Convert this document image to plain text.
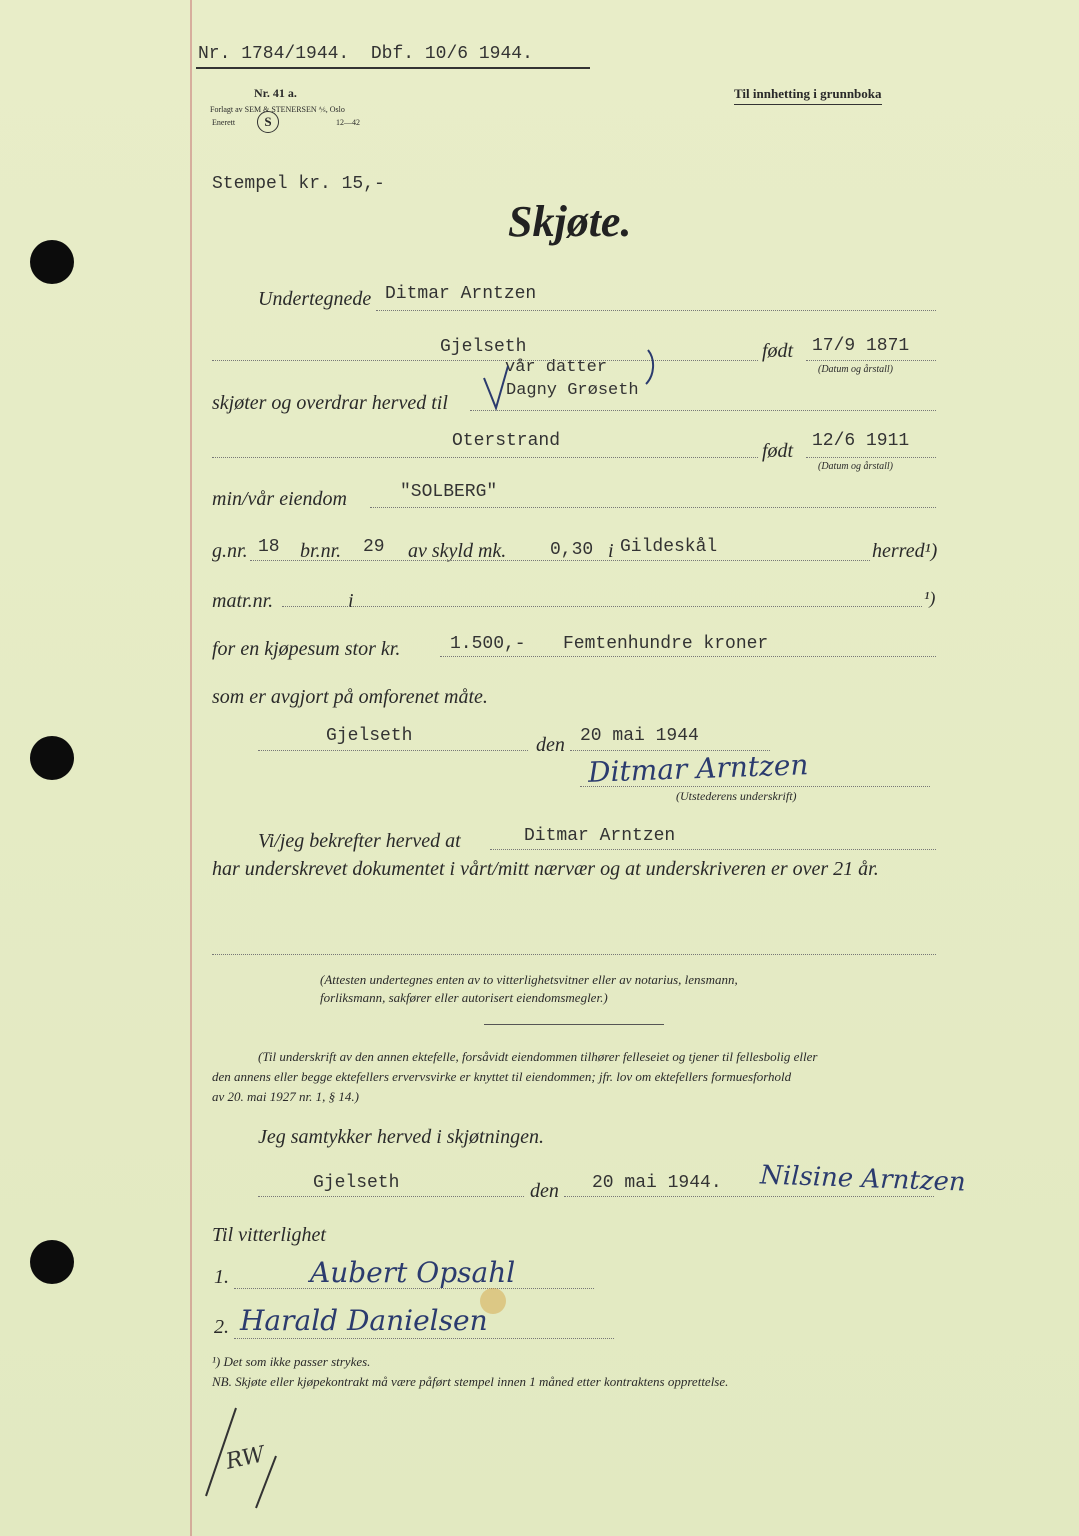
Nr. 1784/1944. Dbf. 10/6 1944.
Nr. 41 a.
Forlagt av SEM & STENERSEN ⅍, Oslo
Enerett	S	12—42
Til innhetting i grunnboka
Stempel kr. 15,-
Skjøte.
Undertegnede Ditmar Arntzen
Gjelseth	født 17/9 1871
(Datum og årstall)
vår datter
skjøter og overdrar herved til
Dagny Grøseth
Oterstrand	født 12/6 1911
(Datum og årstall)
min/vår eiendom	"SOLBERG"
g.nr. 18 br.nr. 29 av skyld mk. 0,30 i Gildeskål	herred¹)
matr.nr.	i	¹)
for en kjøpesum stor kr.	1.500,- Femtenhundre kroner
som er avgjort på omforenet måte.
Gjelseth	den 20 mai 1944
Ditmar Arntzen
(Utstederens underskrift)
Vi/jeg bekrefter herved at	Ditmar Arntzen
har underskrevet dokumentet i vårt/mitt nærvær og at underskriveren er over 21 år.
(Attesten undertegnes enten av to vitterlighetsvitner eller av notarius, lensmann,
forliksmann, sakfører eller autorisert eiendomsmegler.)
(Til underskrift av den annen ektefelle, forsåvidt eiendommen tilhører felleseiet og tjener til fellesbolig eller
den annens eller begge ektefellers ervervsvirke er knyttet til eiendommen; jfr. lov om ektefellers formuesforhold
av 20. mai 1927 nr. 1, § 14.)
Jeg samtykker herved i skjøtningen.
Gjelseth	den 20 mai 1944. Nilsine Arntzen
Til vitterlighet
1.	Aubert Opsahl
2. Harald Danielsen
¹) Det som ikke passer strykes.
NB. Skjøte eller kjøpekontrakt må være påført stempel innen 1 måned etter kontraktens opprettelse.
RW
